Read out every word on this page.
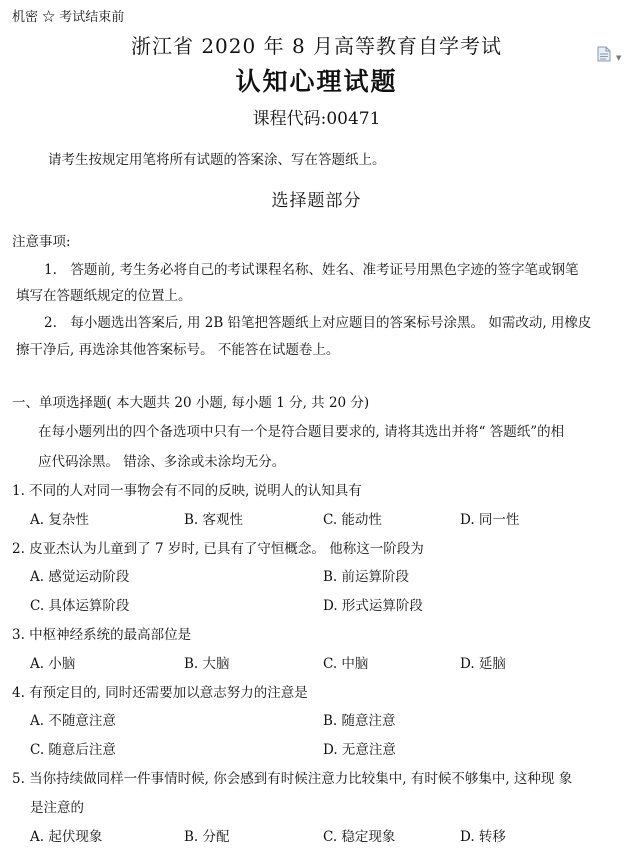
机密 ☆ 考试结束前
浙江省 2020 年 8 月高等教育自学考试
认知心理试题
课程代码:00471
▼
请考生按规定用笔将所有试题的答案涂、写在答题纸上。
选择题部分
注意事项:
1.　答题前, 考生务必将自己的考试课程名称、姓名、准考证号用黑色字迹的签字笔或钢笔
填写在答题纸规定的位置上。
2.　每小题选出答案后, 用 2B 铅笔把答题纸上对应题目的答案标号涂黑。 如需改动, 用橡皮
擦干净后, 再选涂其他答案标号。 不能答在试题卷上。
一、单项选择题( 本大题共 20 小题, 每小题 1 分, 共 20 分)
在每小题列出的四个备选项中只有一个是符合题目要求的, 请将其选出并将“ 答题纸”的相
应代码涂黑。 错涂、多涂或未涂均无分。
1. 不同的人对同一事物会有不同的反映, 说明人的认知具有
A. 复杂性	B. 客观性	C. 能动性	D. 同一性
2. 皮亚杰认为儿童到了 7 岁时, 已具有了守恒概念。 他称这一阶段为
A. 感觉运动阶段	B. 前运算阶段
C. 具体运算阶段	D. 形式运算阶段
3. 中枢神经系统的最高部位是
A. 小脑	B. 大脑	C. 中脑	D. 延脑
4. 有预定目的, 同时还需要加以意志努力的注意是
A. 不随意注意	B. 随意注意
C. 随意后注意	D. 无意注意
5. 当你持续做同样一件事情时候, 你会感到有时候注意力比较集中, 有时候不够集中, 这种现 象
是注意的
A. 起伏现象	B. 分配	C. 稳定现象	D. 转移
